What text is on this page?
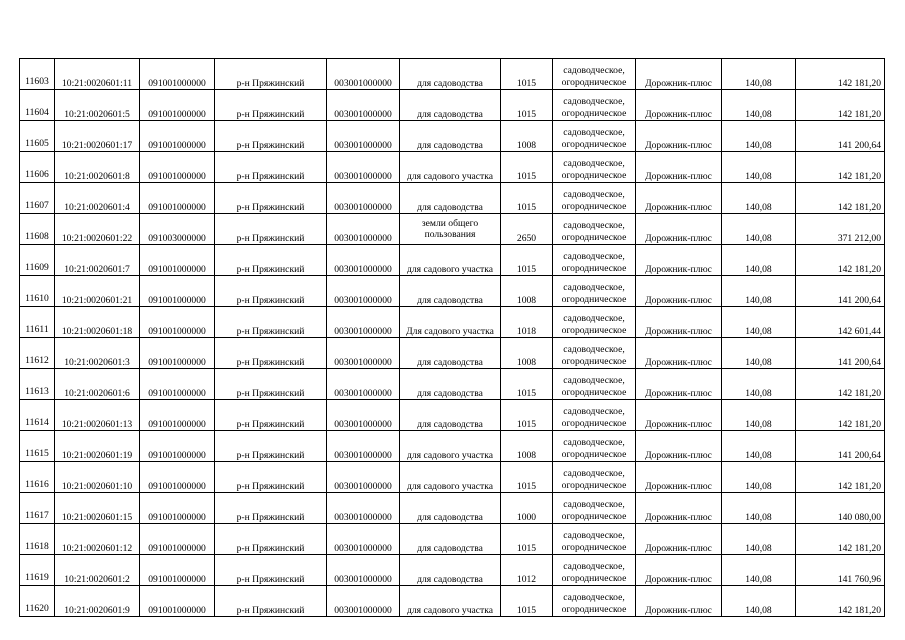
11603	10:21:0020601:11	091001000000	р-н Пряжинский	003001000000	для садоводства	1015	садоводческое, огородническое	Дорожник-плюс	140,08	142 181,20
11604	10:21:0020601:5	091001000000	р-н Пряжинский	003001000000	для садоводства	1015	садоводческое, огородническое	Дорожник-плюс	140,08	142 181,20
11605	10:21:0020601:17	091001000000	р-н Пряжинский	003001000000	для садоводства	1008	садоводческое, огородническое	Дорожник-плюс	140,08	141 200,64
11606	10:21:0020601:8	091001000000	р-н Пряжинский	003001000000	для садового участка	1015	садоводческое, огородническое	Дорожник-плюс	140,08	142 181,20
11607	10:21:0020601:4	091001000000	р-н Пряжинский	003001000000	для садоводства	1015	садоводческое, огородническое	Дорожник-плюс	140,08	142 181,20
11608	10:21:0020601:22	091003000000	р-н Пряжинский	003001000000	земли общего пользования	2650	садоводческое, огородническое	Дорожник-плюс	140,08	371 212,00
11609	10:21:0020601:7	091001000000	р-н Пряжинский	003001000000	для садового участка	1015	садоводческое, огородническое	Дорожник-плюс	140,08	142 181,20
11610	10:21:0020601:21	091001000000	р-н Пряжинский	003001000000	для садоводства	1008	садоводческое, огородническое	Дорожник-плюс	140,08	141 200,64
11611	10:21:0020601:18	091001000000	р-н Пряжинский	003001000000	Для садового участка	1018	садоводческое, огородническое	Дорожник-плюс	140,08	142 601,44
11612	10:21:0020601:3	091001000000	р-н Пряжинский	003001000000	для садоводства	1008	садоводческое, огородническое	Дорожник-плюс	140,08	141 200,64
11613	10:21:0020601:6	091001000000	р-н Пряжинский	003001000000	для садоводства	1015	садоводческое, огородническое	Дорожник-плюс	140,08	142 181,20
11614	10:21:0020601:13	091001000000	р-н Пряжинский	003001000000	для садоводства	1015	садоводческое, огородническое	Дорожник-плюс	140,08	142 181,20
11615	10:21:0020601:19	091001000000	р-н Пряжинский	003001000000	для садового участка	1008	садоводческое, огородническое	Дорожник-плюс	140,08	141 200,64
11616	10:21:0020601:10	091001000000	р-н Пряжинский	003001000000	для садового участка	1015	садоводческое, огородническое	Дорожник-плюс	140,08	142 181,20
11617	10:21:0020601:15	091001000000	р-н Пряжинский	003001000000	для садоводства	1000	садоводческое, огородническое	Дорожник-плюс	140,08	140 080,00
11618	10:21:0020601:12	091001000000	р-н Пряжинский	003001000000	для садоводства	1015	садоводческое, огородническое	Дорожник-плюс	140,08	142 181,20
11619	10:21:0020601:2	091001000000	р-н Пряжинский	003001000000	для садоводства	1012	садоводческое, огородническое	Дорожник-плюс	140,08	141 760,96
11620	10:21:0020601:9	091001000000	р-н Пряжинский	003001000000	для садового участка	1015	садоводческое, огородническое	Дорожник-плюс	140,08	142 181,20
